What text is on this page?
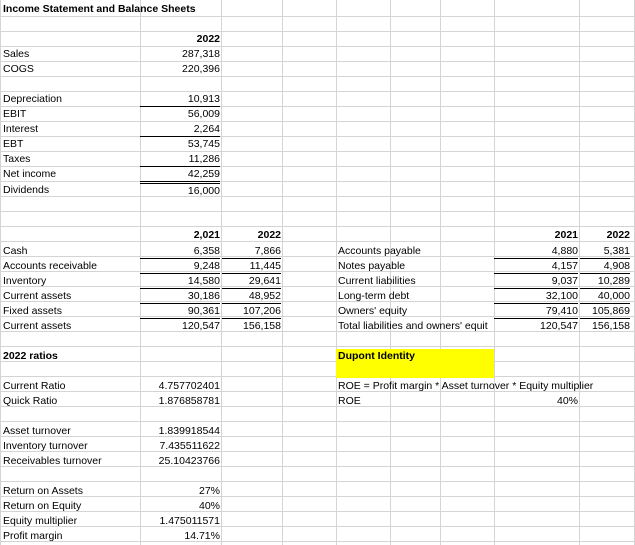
Income Statement and Balance Sheets
2022
Sales	287,318
COGS	220,396
Depreciation	10,913
EBIT	56,009
Interest	2,264
EBT	53,745
Taxes	11,286
Net income	42,259
Dividends	16,000
2,021	2022
Cash	6,358	7,866
Accounts receivable	9,248	11,445
Inventory	14,580	29,641
Current assets	30,186	48,952
Fixed assets	90,361	107,206
Current assets	120,547	156,158
2021	2022
Accounts payable	4,880	5,381
Notes payable	4,157	4,908
Current liabilities	9,037	10,289
Long-term debt	32,100	40,000
Owners' equity	79,410	105,869
Total liabilities and owners' equit	120,547	156,158
2022 ratios
Current Ratio	4.757702401
Quick Ratio	1.876858781
Asset turnover	1.839918544
Inventory turnover	7.435511622
Receivables turnover	25.10423766
Return on Assets	27%
Return on Equity	40%
Equity multiplier	1.475011571
Profit margin	14.71%
Dupont Identity
ROE = Profit margin * Asset turnover * Equity multiplier
ROE	40%
